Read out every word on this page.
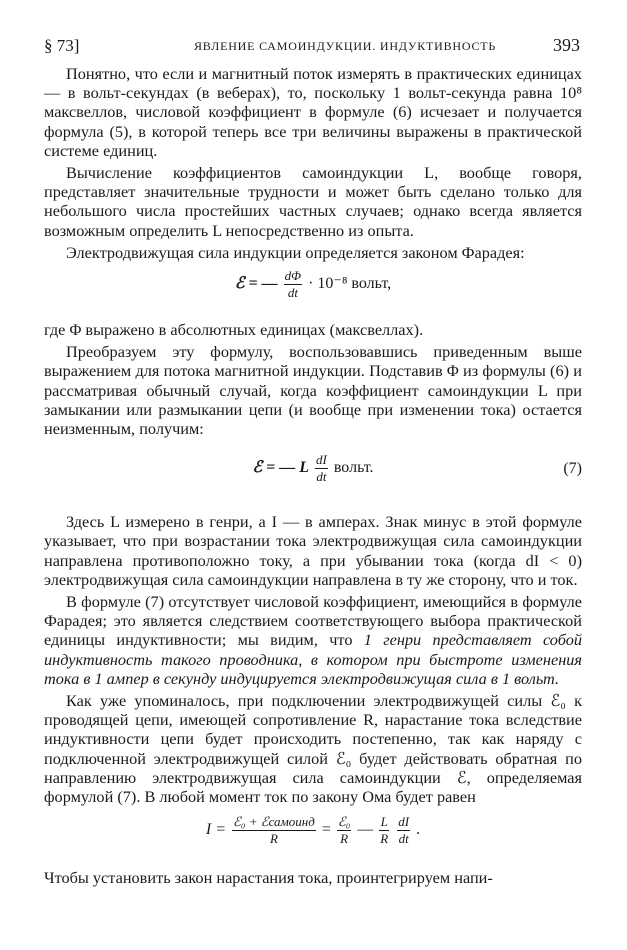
§ 73]	ЯВЛЕНИЕ САМОИНДУКЦИИ. ИНДУКТИВНОСТЬ	393

Понятно, что если и магнитный поток измерять в практических единицах — в вольт-секундах (в веберах), то, поскольку 1 вольт-секунда равна 10⁸ максвеллов, числовой коэффициент в формуле (6) исчезает и получается формула (5), в которой теперь все три величины выражены в практической системе единиц.

Вычисление коэффициентов самоиндукции L, вообще говоря, представляет значительные трудности и может быть сделано только для небольшого числа простейших частных случаев; однако всегда является возможным определить L непосредственно из опыта.

Электродвижущая сила индукции определяется законом Фарадея:

ℰ = — $\frac{d\Phi}{dt} \cdot 10^{-8}$ вольт,

где Φ выражено в абсолютных единицах (максвеллах).

Преобразуем эту формулу, воспользовавшись приведенным выше выражением для потока магнитной индукции. Подставив Φ из формулы (6) и рассматривая обычный случай, когда коэффициент самоиндукции L при замыкании или размыкании цепи (и вообще при изменении тока) остается неизменным, получим:

ℰ = — L $\frac{dI}{dt}$ вольт.	(7)

Здесь L измерено в генри, а I — в амперах. Знак минус в этой формуле указывает, что при возрастании тока электродвижущая сила самоиндукции направлена противоположно току, а при убывании тока (когда dI < 0) электродвижущая сила самоиндукции направлена в ту же сторону, что и ток.

В формуле (7) отсутствует числовой коэффициент, имеющийся в формуле Фарадея; это является следствием соответствующего выбора практической единицы индуктивности; мы видим, что 1 генри представляет собой индуктивность такого проводника, в котором при быстроте изменения тока в 1 ампер в секунду индуцируется электродвижущая сила в 1 вольт.

Как уже упоминалось, при подключении электродвижущей силы ℰ₀ к проводящей цепи, имеющей сопротивление R, нарастание тока вследствие индуктивности цепи будет происходить постепенно, так как наряду с подключенной электродвижущей силой ℰ₀ будет действовать обратная по направлению электродвижущая сила самоиндукции ℰ, определяемая формулой (7). В любой момент ток по закону Ома будет равен

$I = \frac{\text{ℰ₀ + ℰсамоинд}}{R} = \frac{\text{ℰ₀}}{R}$ — $\frac{L}{R}$
$\frac{dI}{dt}$ .

Чтобы установить закон нарастания тока, проинтегрируем напи-
